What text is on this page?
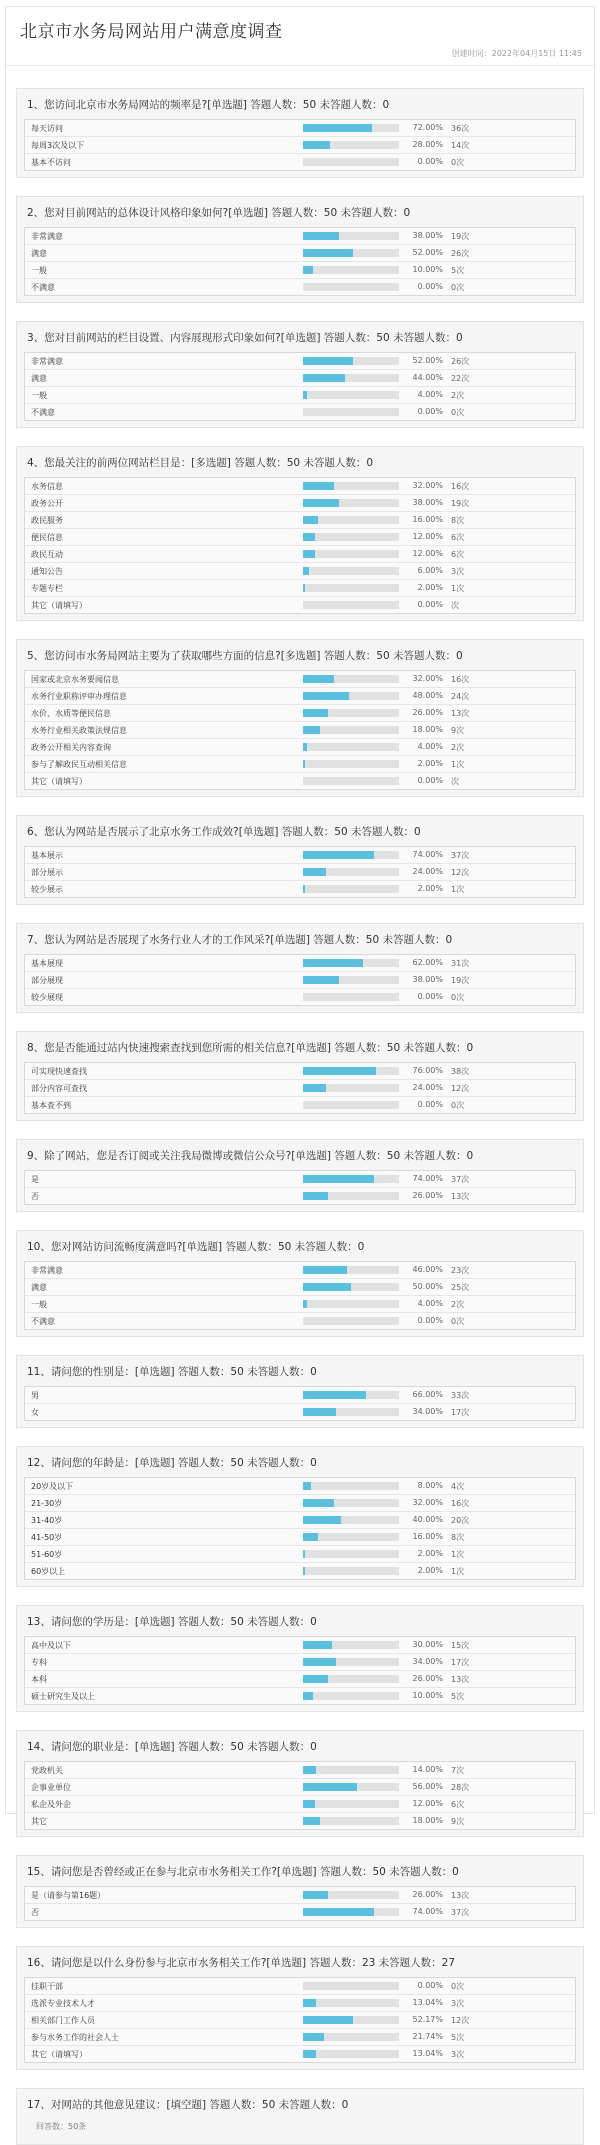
北京市水务局网站用户满意度调查
创建时间：2022年04月15日 11:45
1、您访问北京市水务局网站的频率是?[单选题] 答题人数：50 未答题人数：0
每天访问	72.00% 36次
每周3次及以下	28.00% 14次
基本不访问	0.00% 0次
2、您对目前网站的总体设计风格印象如何?[单选题] 答题人数：50 未答题人数：0
非常满意	38.00% 19次
满意	52.00% 26次
一般	10.00% 5次
不满意	0.00% 0次
3、您对目前网站的栏目设置、内容展现形式印象如何?[单选题] 答题人数：50 未答题人数：0
非常满意	52.00% 26次
满意	44.00% 22次
一般	4.00% 2次
不满意	0.00% 0次
4、您最关注的前两位网站栏目是：[多选题] 答题人数：50 未答题人数：0
水务信息	32.00% 16次
政务公开	38.00% 19次
政民服务	16.00% 8次
便民信息	12.00% 6次
政民互动	12.00% 6次
通知公告	6.00% 3次
专题专栏	2.00% 1次
其它（请填写）	0.00% 次
5、您访问市水务局网站主要为了获取哪些方面的信息?[多选题] 答题人数：50 未答题人数：0
国家或北京水务要闻信息	32.00% 16次
水务行业职称评审办理信息	48.00% 24次
水价、水质等便民信息	26.00% 13次
水务行业相关政策法规信息	18.00% 9次
政务公开相关内容查询	4.00% 2次
参与了解政民互动相关信息	2.00% 1次
其它（请填写）	0.00% 次
6、您认为网站是否展示了北京水务工作成效?[单选题] 答题人数：50 未答题人数：0
基本展示	74.00% 37次
部分展示	24.00% 12次
较少展示	2.00% 1次
7、您认为网站是否展现了水务行业人才的工作风采?[单选题] 答题人数：50 未答题人数：0
基本展现	62.00% 31次
部分展现	38.00% 19次
较少展现	0.00% 0次
8、您是否能通过站内快速搜索查找到您所需的相关信息?[单选题] 答题人数：50 未答题人数：0
可实现快速查找	76.00% 38次
部分内容可查找	24.00% 12次
基本查不到	0.00% 0次
9、除了网站，您是否订阅或关注我局微博或微信公众号?[单选题] 答题人数：50 未答题人数：0
是	74.00% 37次
否	26.00% 13次
10、您对网站访问流畅度满意吗?[单选题] 答题人数：50 未答题人数：0
非常满意	46.00% 23次
满意	50.00% 25次
一般	4.00% 2次
不满意	0.00% 0次
11、请问您的性别是：[单选题] 答题人数：50 未答题人数：0
男	66.00% 33次
女	34.00% 17次
12、请问您的年龄是：[单选题] 答题人数：50 未答题人数：0
20岁及以下	8.00% 4次
21-30岁	32.00% 16次
31-40岁	40.00% 20次
41-50岁	16.00% 8次
51-60岁	2.00% 1次
60岁以上	2.00% 1次
13、请问您的学历是：[单选题] 答题人数：50 未答题人数：0
高中及以下	30.00% 15次
专科	34.00% 17次
本科	26.00% 13次
硕士研究生及以上	10.00% 5次
14、请问您的职业是：[单选题] 答题人数：50 未答题人数：0
党政机关	14.00% 7次
企事业单位	56.00% 28次
私企及外企	12.00% 6次
其它	18.00% 9次
15、请问您是否曾经或正在参与北京市水务相关工作?[单选题] 答题人数：50 未答题人数：0
是（请参与第16题）	26.00% 13次
否	74.00% 37次
16、请问您是以什么身份参与北京市水务相关工作?[单选题] 答题人数：23 未答题人数：27
挂职干部	0.00% 0次
选派专业技术人才	13.04% 3次
相关部门工作人员	52.17% 12次
参与水务工作的社会人士	21.74% 5次
其它（请填写）	13.04% 3次
17、对网站的其他意见建议：[填空题] 答题人数：50 未答题人数：0
回答数：50条
